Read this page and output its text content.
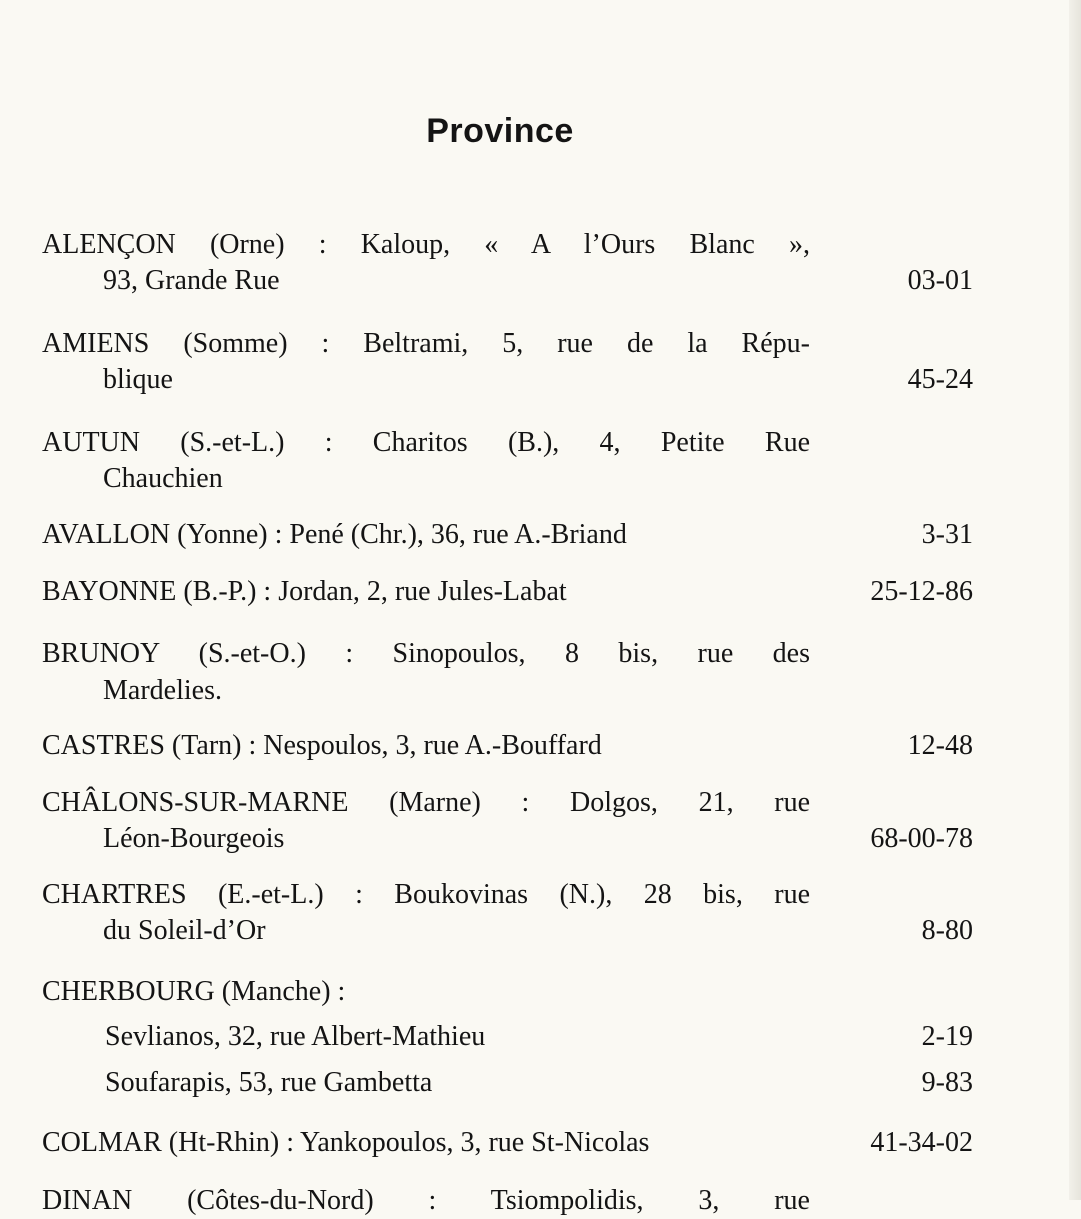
Province
ALENÇON (Orne) : Kaloup, « A l’Ours Blanc »,
93, Grande Rue	03-01
AMIENS (Somme) : Beltrami, 5, rue de la Répu-
blique	45-24
AUTUN (S.-et-L.) : Charitos (B.), 4, Petite Rue
Chauchien
AVALLON (Yonne) : Pené (Chr.), 36, rue A.-Briand	3-31
BAYONNE (B.-P.) : Jordan, 2, rue Jules-Labat	25-12-86
BRUNOY (S.-et-O.) : Sinopoulos, 8 bis, rue des
Mardelies.
CASTRES (Tarn) : Nespoulos, 3, rue A.-Bouffard	12-48
CHÂLONS-SUR-MARNE (Marne) : Dolgos, 21, rue
Léon-Bourgeois	68-00-78
CHARTRES (E.-et-L.) : Boukovinas (N.), 28 bis, rue
du Soleil-d’Or	8-80
CHERBOURG (Manche) :
Sevlianos, 32, rue Albert-Mathieu	2-19
Soufarapis, 53, rue Gambetta	9-83
COLMAR (Ht-Rhin) : Yankopoulos, 3, rue St-Nicolas	41-34-02
DINAN (Côtes-du-Nord) : Tsiompolidis, 3, rue
